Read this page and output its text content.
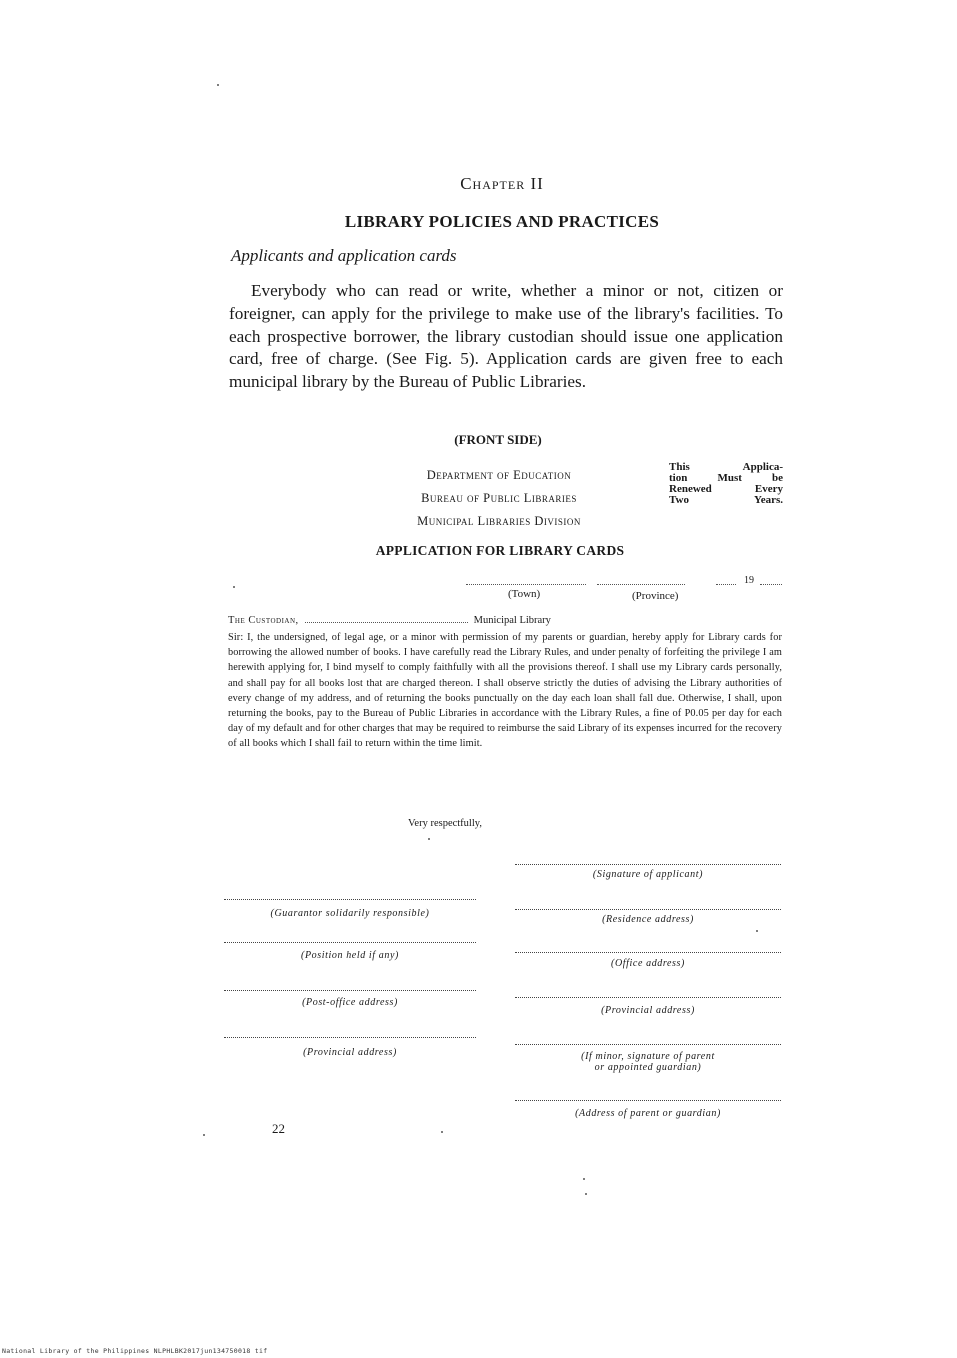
Chapter II
LIBRARY POLICIES AND PRACTICES
Applicants and application cards
Everybody who can read or write, whether a minor or not, citizen or foreigner, can apply for the privilege to make use of the library's facilities. To each prospective borrower, the library custodian should issue one application card, free of charge. (See Fig. 5). Application cards are given free to each municipal library by the Bureau of Public Libraries.
(FRONT SIDE)
Department of Education
Bureau of Public Libraries
Municipal Libraries Division
This Applica-
tion Must be
Renewed Every
Two Years.
APPLICATION FOR LIBRARY CARDS
19
(Town)	(Province)
The Custodian,	Municipal Library
Sir: I, the undersigned, of legal age, or a minor with permission of my parents or guardian, hereby apply for Library cards for borrowing the allowed number of books. I have carefully read the Library Rules, and under penalty of forfeiting the privilege I am herewith applying for, I bind myself to comply faithfully with all the provisions thereof. I shall use my Library cards personally, and shall pay for all books lost that are charged thereon. I shall observe strictly the duties of advising the Library authorities of every change of my address, and of returning the books punctually on the day each loan shall fall due. Otherwise, I shall, upon returning the books, pay to the Bureau of Public Libraries in accordance with the Library Rules, a fine of P0.05 per day for each day of my default and for other charges that may be required to reimburse the said Library of its expenses incurred for the recovery of all books which I shall fail to return within the time limit.
Very respectfully,
(Signature of applicant)
(Residence address)
(Office address)
(Provincial address)
(If minor, signature of parent
or appointed guardian)
(Address of parent or guardian)
(Guarantor solidarily responsible)
(Position held if any)
(Post-office address)
(Provincial address)
22
National Library of the Philippines NLPHLBK2017jun134750018 tif
